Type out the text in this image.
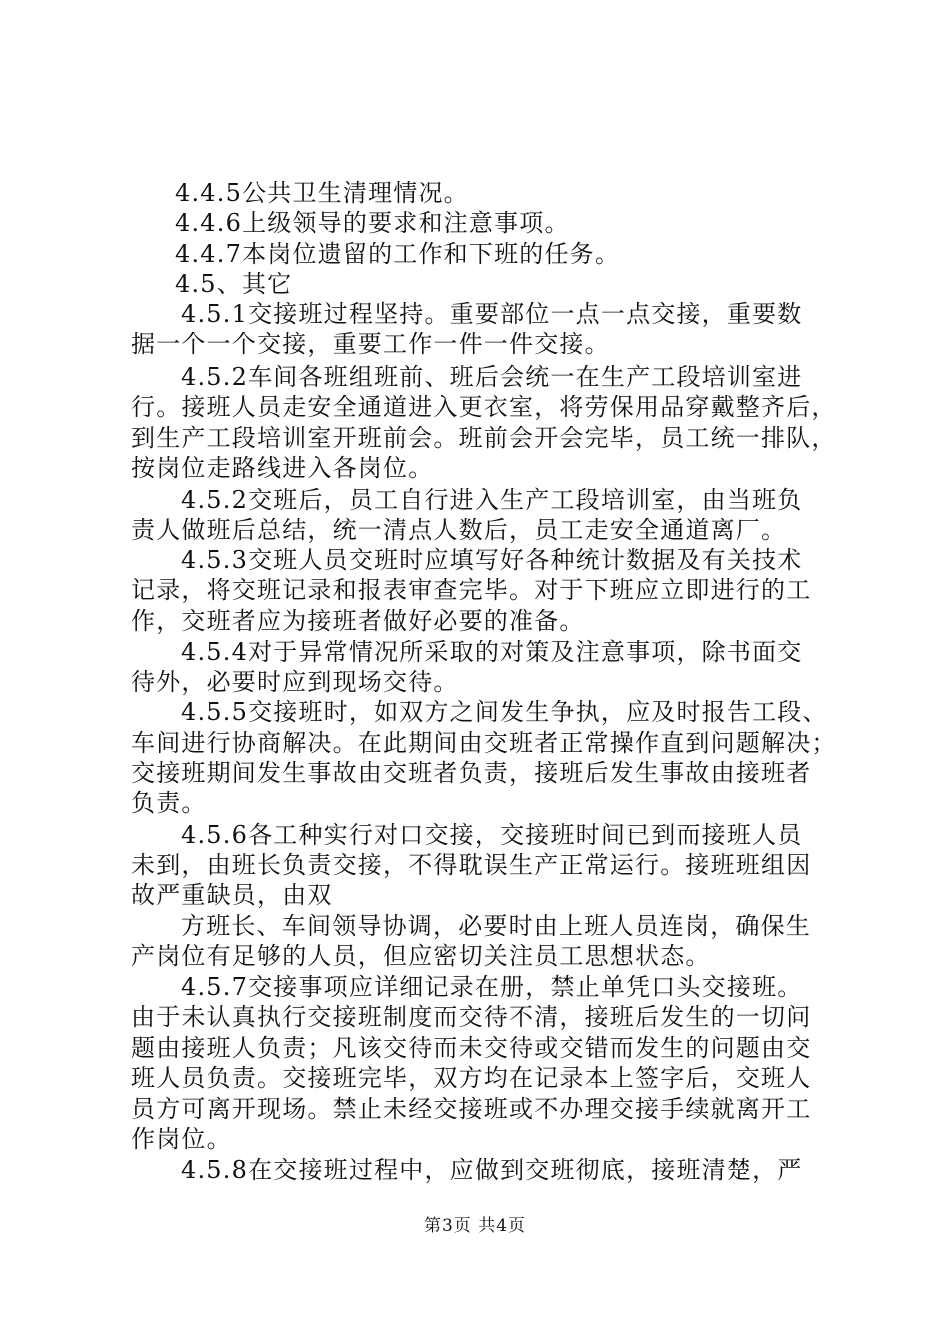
4.4.5公共卫生清理情况。
4.4.6上级领导的要求和注意事项。
4.4.7本岗位遗留的工作和下班的任务。
4.5、其它
4.5.1交接班过程坚持。重要部位一点一点交接，重要数
据一个一个交接，重要工作一件一件交接。
4.5.2车间各班组班前、班后会统一在生产工段培训室进
行。接班人员走安全通道进入更衣室，将劳保用品穿戴整齐后，
到生产工段培训室开班前会。班前会开会完毕，员工统一排队，
按岗位走路线进入各岗位。
4.5.2交班后，员工自行进入生产工段培训室，由当班负
责人做班后总结，统一清点人数后，员工走安全通道离厂。
4.5.3交班人员交班时应填写好各种统计数据及有关技术
记录，将交班记录和报表审查完毕。对于下班应立即进行的工
作，交班者应为接班者做好必要的准备。
4.5.4对于异常情况所采取的对策及注意事项，除书面交
待外，必要时应到现场交待。
4.5.5交接班时，如双方之间发生争执，应及时报告工段、
车间进行协商解决。在此期间由交班者正常操作直到问题解决；
交接班期间发生事故由交班者负责，接班后发生事故由接班者
负责。
4.5.6各工种实行对口交接，交接班时间已到而接班人员
未到，由班长负责交接，不得耽误生产正常运行。接班班组因
故严重缺员，由双
方班长、车间领导协调，必要时由上班人员连岗，确保生
产岗位有足够的人员，但应密切关注员工思想状态。
4.5.7交接事项应详细记录在册，禁止单凭口头交接班。
由于未认真执行交接班制度而交待不清，接班后发生的一切问
题由接班人负责；凡该交待而未交待或交错而发生的问题由交
班人员负责。交接班完毕，双方均在记录本上签字后，交班人
员方可离开现场。禁止未经交接班或不办理交接手续就离开工
作岗位。
4.5.8在交接班过程中，应做到交班彻底，接班清楚，严
第3页 共4页
